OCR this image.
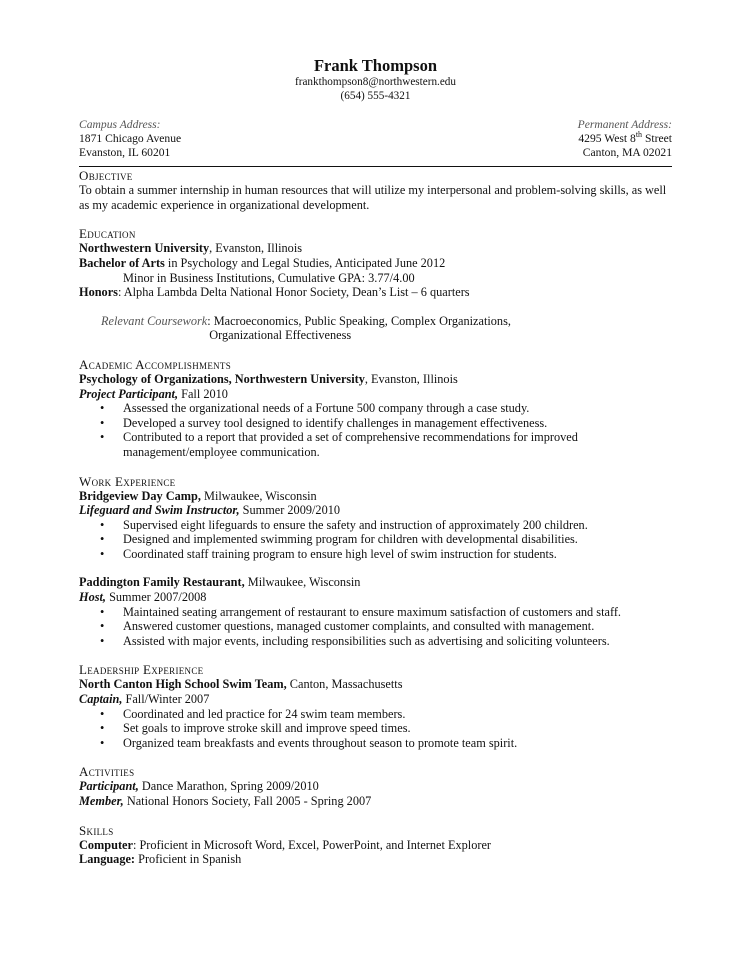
Frank Thompson
frankthompson8@northwestern.edu
(654) 555-4321
Campus Address:
1871 Chicago Avenue
Evanston, IL 60201
Permanent Address:
4295 West 8th Street
Canton, MA 02021
Objective
To obtain a summer internship in human resources that will utilize my interpersonal and problem-solving skills, as well as my academic experience in organizational development.
Education
Northwestern University, Evanston, Illinois
Bachelor of Arts in Psychology and Legal Studies, Anticipated June 2012
Minor in Business Institutions, Cumulative GPA: 3.77/4.00
Honors: Alpha Lambda Delta National Honor Society, Dean’s List – 6 quarters
Relevant Coursework : Macroeconomics, Public Speaking, Complex Organizations,
Organizational Effectiveness
Academic Accomplishments
Psychology of Organizations, Northwestern University, Evanston, Illinois
Project Participant, Fall 2010
• Assessed the organizational needs of a Fortune 500 company through a case study.
• Developed a survey tool designed to identify challenges in management effectiveness.
• Contributed to a report that provided a set of comprehensive recommendations for improved management/employee communication.
Work Experience
Bridgeview Day Camp, Milwaukee, Wisconsin
Lifeguard and Swim Instructor, Summer 2009/2010
• Supervised eight lifeguards to ensure the safety and instruction of approximately 200 children.
• Designed and implemented swimming program for children with developmental disabilities.
• Coordinated staff training program to ensure high level of swim instruction for students.
Paddington Family Restaurant, Milwaukee, Wisconsin
Host, Summer 2007/2008
• Maintained seating arrangement of restaurant to ensure maximum satisfaction of customers and staff.
• Answered customer questions, managed customer complaints, and consulted with management.
• Assisted with major events, including responsibilities such as advertising and soliciting volunteers.
Leadership Experience
North Canton High School Swim Team, Canton, Massachusetts
Captain, Fall/Winter 2007
• Coordinated and led practice for 24 swim team members.
• Set goals to improve stroke skill and improve speed times.
• Organized team breakfasts and events throughout season to promote team spirit.
Activities
Participant, Dance Marathon, Spring 2009/2010
Member, National Honors Society, Fall 2005 - Spring 2007
Skills
Computer: Proficient in Microsoft Word, Excel, PowerPoint, and Internet Explorer
Language: Proficient in Spanish
